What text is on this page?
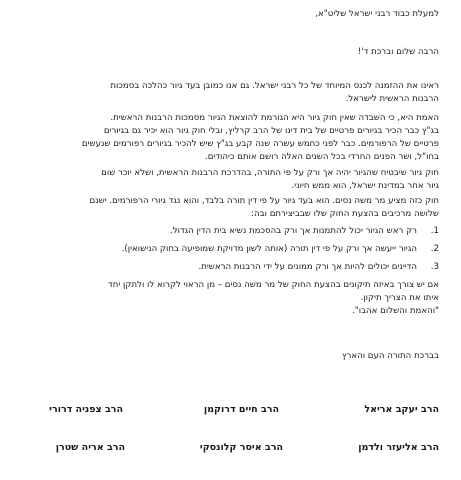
למעלת כבוד רבני ישראל שליט"א,
הרבה שלום וברכת ד'!
ראינו את ההזמנה לכנס המיוחד של כל רבני ישראל. גם אנו כמובן בעד גיור כהלכה בסמכות
הרבנות הראשית לישראל.
האמת היא, כי השבדה שאין חוק גיור היא הגורמת להוצאת הגיור מסמכות הרבנות הראשית.
בג"ץ כבר הכיר בגיורים פרטיים של בית דינו של הרב קרליץ, ובלי חוק גיור הוא יכיר גם בגיורים
פרטיים של הרפורמים. כבר לפני כחמש עשרה שנה קבע בג"ץ שיש להכיר בגיורים רפורמים שנעשים
בחו"ל, ושר הפנים החרדי בכל השנים האלה רושם אותם כיהודים.
חוק גיור שיבטיח שהגיור יהיה אך ורק על פי התורה, בהדרכת הרבנות הראשית, ושלא יוכר שום
גיור אחר במדינת ישראל, הוא ממש חיוני.
חוק כזה מציע מר משה נסים. הוא בעד גיור על פי דין תורה בלבד, והוא נגד גיורי הרפורמים. ישנם
שלושה מרכיבים בהצעת החוק שלו שבביצירתם ובה:
1.
רק ראש הגיור יכול להתמנות אך ורק בהסכמת נשיא בית הדין הגדול.
2.
הגיור ייעשה אך ורק על פי דין תורה (אותה לשון מדויקת שמופיעה בחוק הנישואין).
3.
הדיינים יכולים להיות אך ורק ממונים על ידי הרבנות הראשית.
אם יש צורך באיזה תיקונים בהצעת החוק של מר משה נסים – מן הראוי לקרוא לו ולתקן יחד
איתו את הצריך תיקון.
"והאמת והשלום אהבו".
בברכת התורה העם והארץ
הרב יעקב אריאל
הרב חיים דרוקמן
הרב צפניה דרורי
הרב אליעזר ולדמן
הרב איסר קלונסקי
הרב אריה שטרן
